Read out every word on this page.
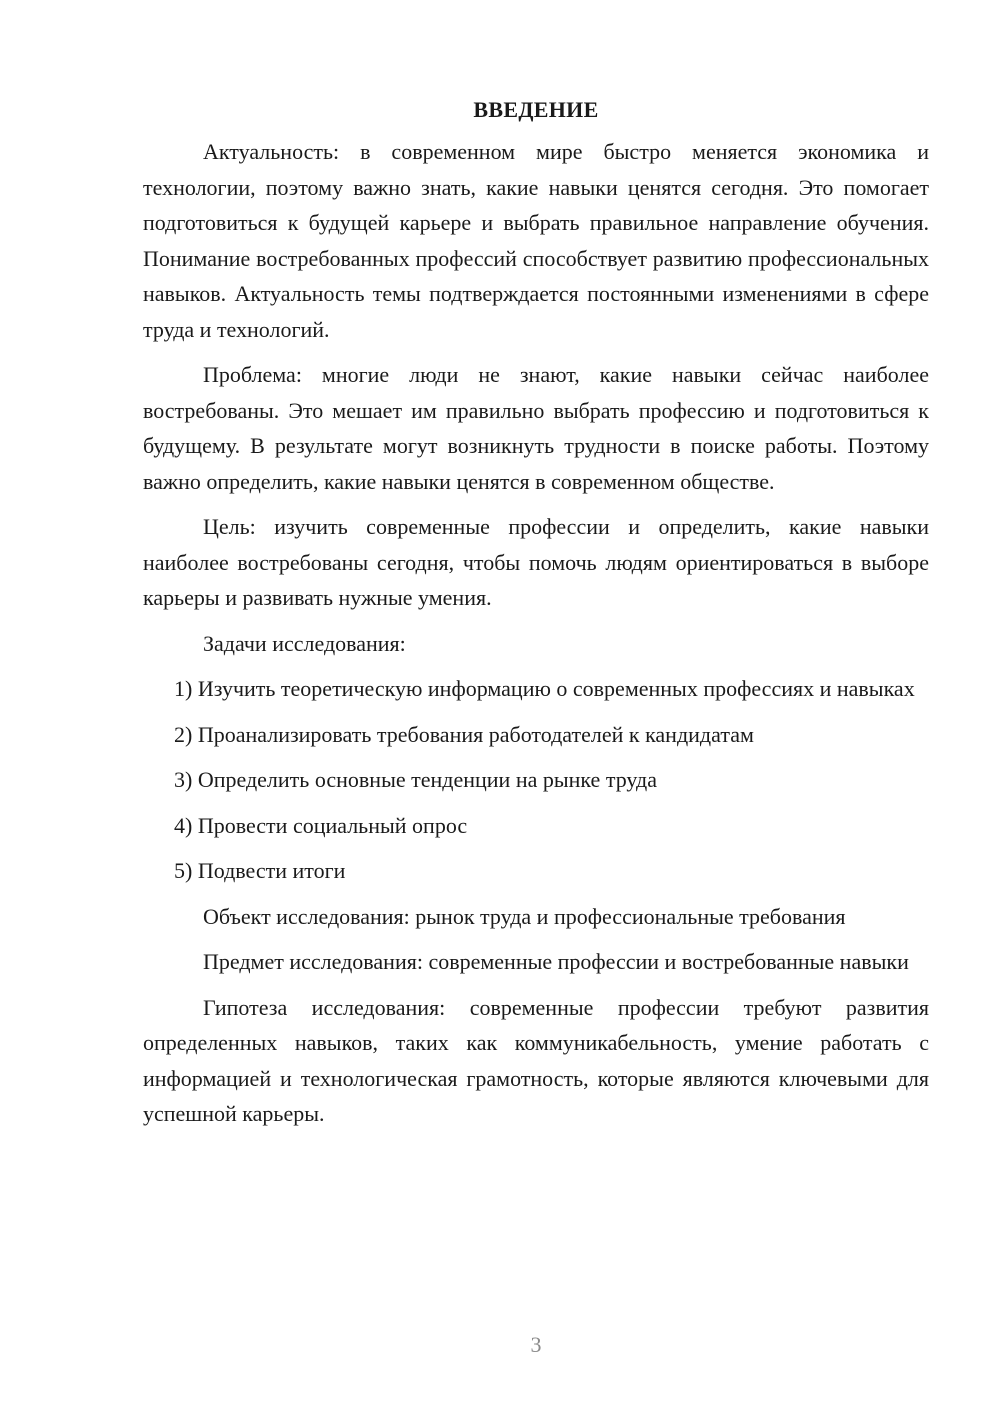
ВВЕДЕНИЕ

Актуальность: в современном мире быстро меняется экономика и технологии, поэтому важно знать, какие навыки ценятся сегодня. Это помогает подготовиться к будущей карьере и выбрать правильное направление обучения. Понимание востребованных профессий способствует развитию профессиональных навыков. Актуальность темы подтверждается постоянными изменениями в сфере труда и технологий.

Проблема: многие люди не знают, какие навыки сейчас наиболее востребованы. Это мешает им правильно выбрать профессию и подготовиться к будущему. В результате могут возникнуть трудности в поиске работы. Поэтому важно определить, какие навыки ценятся в современном обществе.

Цель: изучить современные профессии и определить, какие навыки наиболее востребованы сегодня, чтобы помочь людям ориентироваться в выборе карьеры и развивать нужные умения.

Задачи исследования:

1) Изучить теоретическую информацию о современных профессиях и навыках

2) Проанализировать требования работодателей к кандидатам

3) Определить основные тенденции на рынке труда

4) Провести социальный опрос

5) Подвести итоги

Объект исследования: рынок труда и профессиональные требования

Предмет исследования: современные профессии и востребованные навыки

Гипотеза исследования: современные профессии требуют развития определенных навыков, таких как коммуникабельность, умение работать с информацией и технологическая грамотность, которые являются ключевыми для успешной карьеры.

3
